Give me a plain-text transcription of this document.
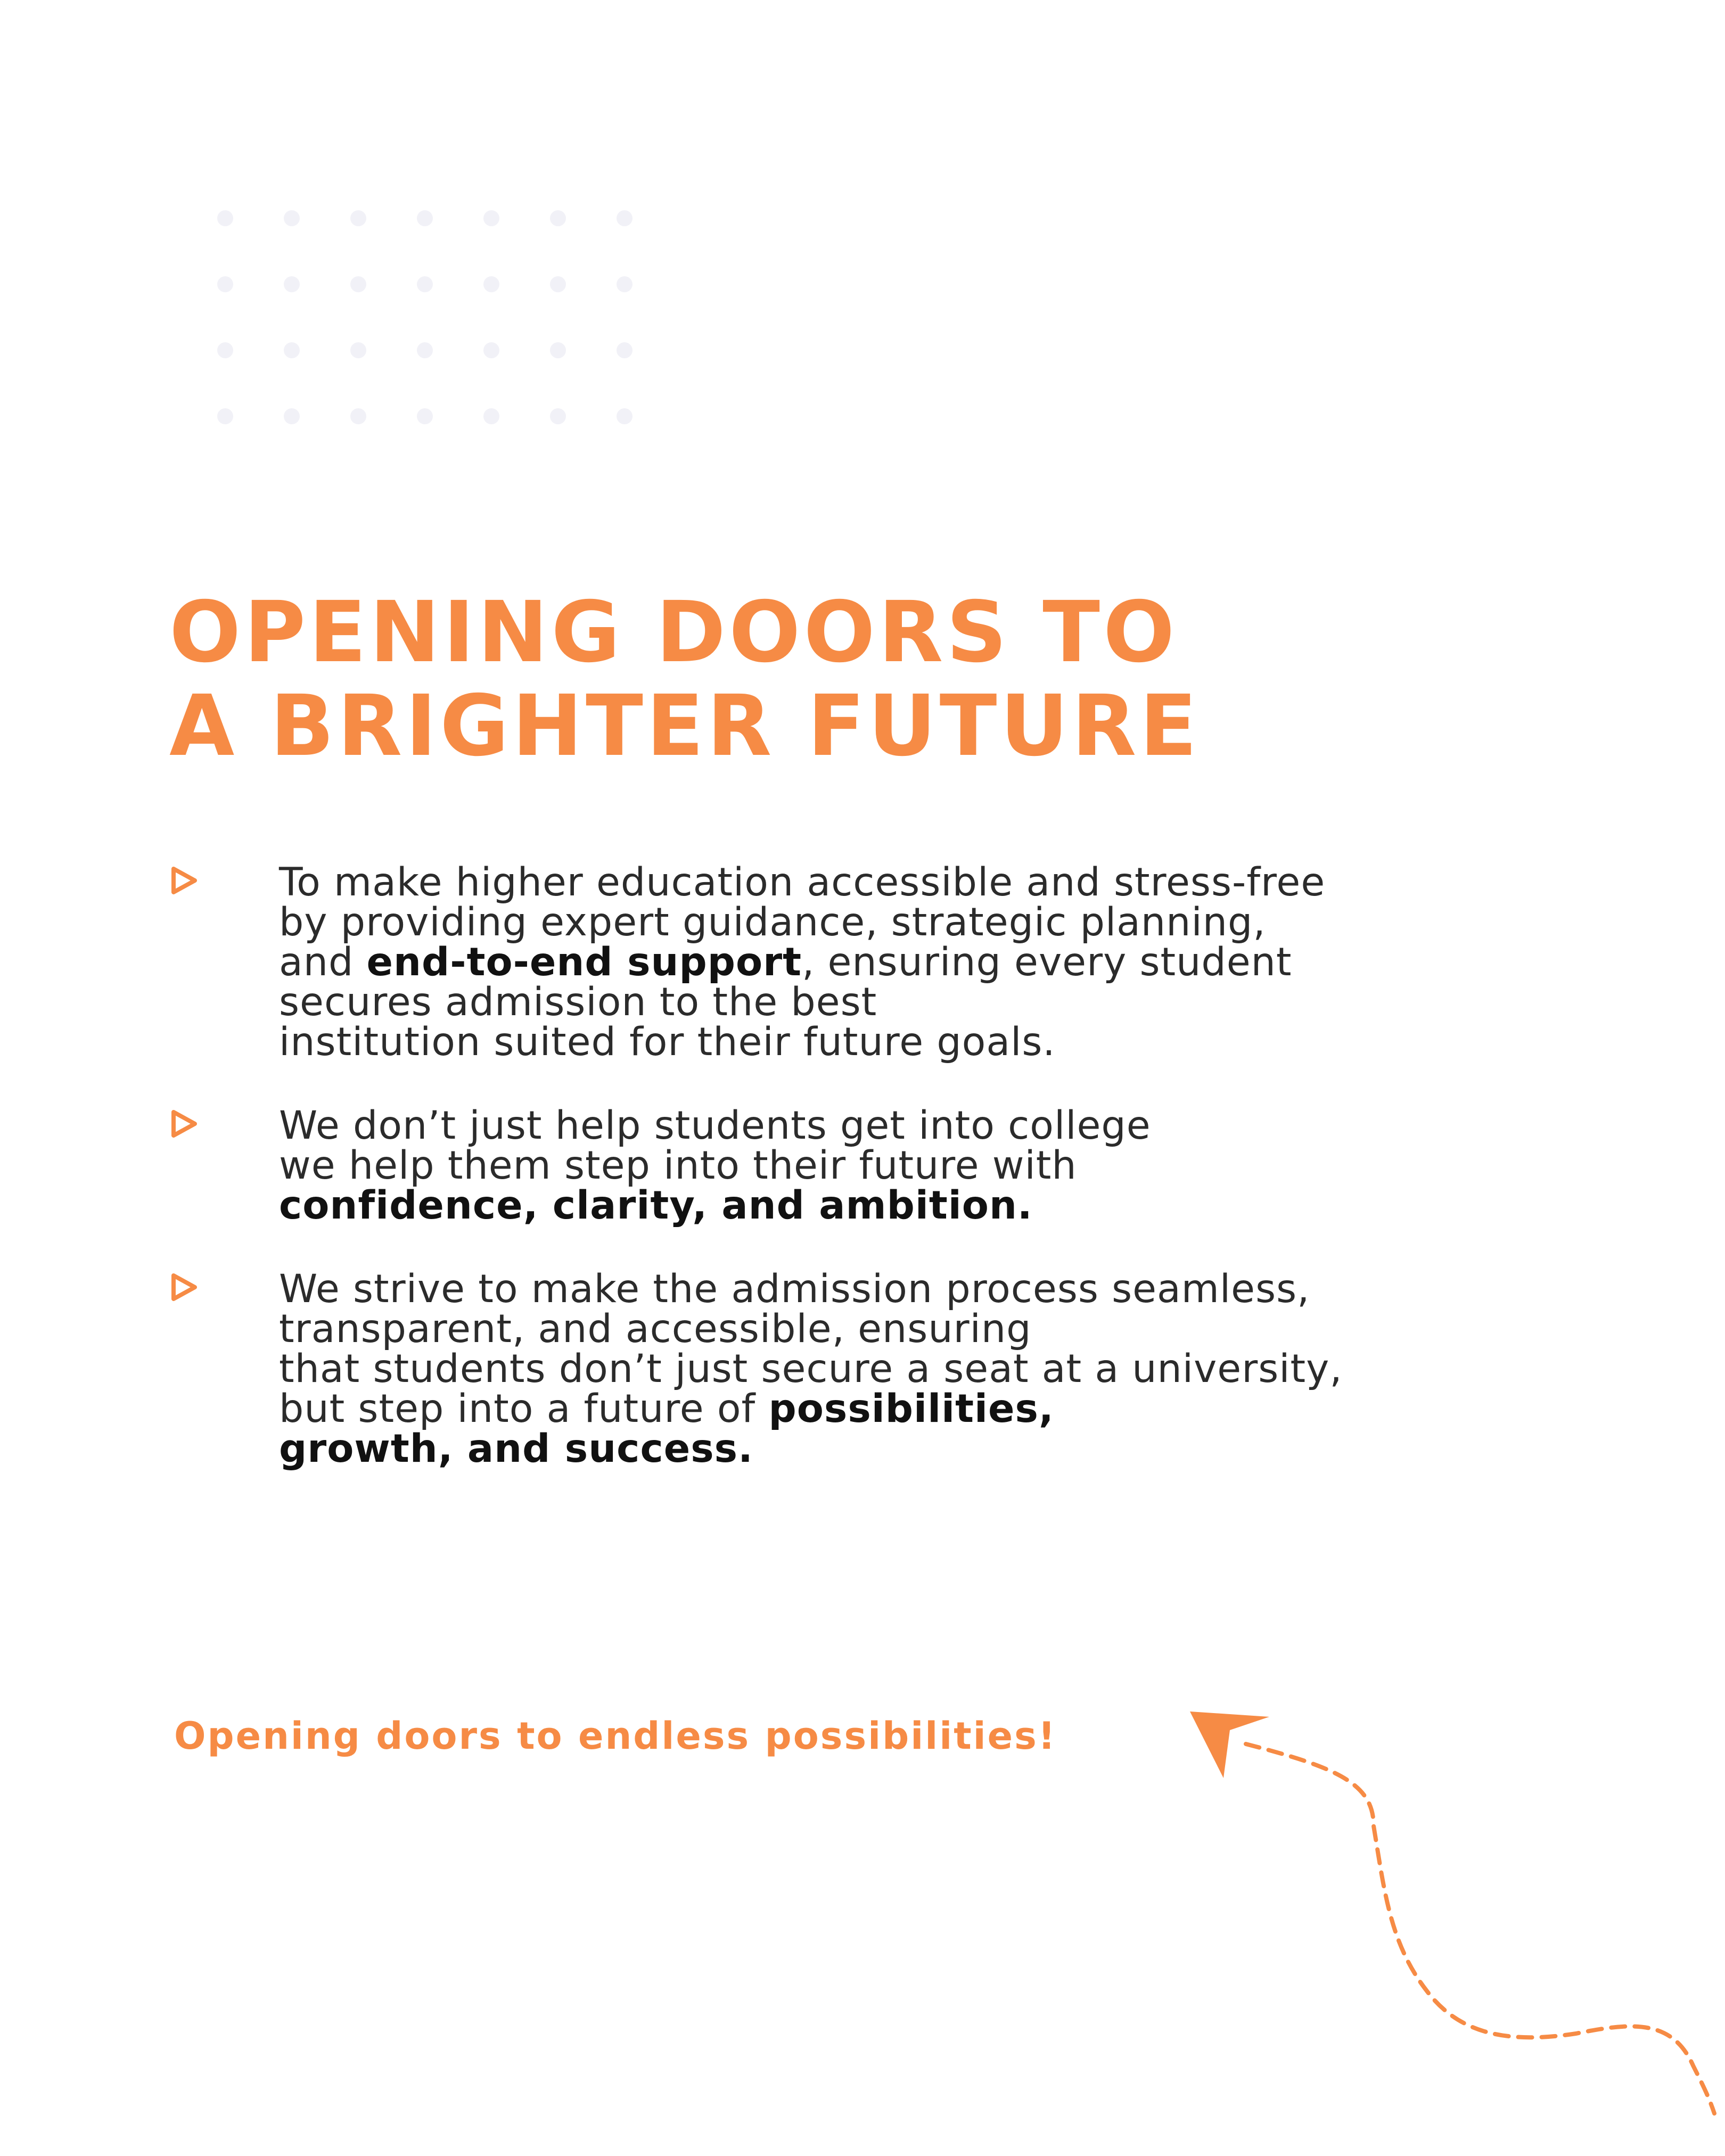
OPENING DOORS TO
A BRIGHTER FUTURE
To make higher education accessible and stress-free
by providing expert guidance, strategic planning,
and end-to-end support, ensuring every student
secures admission to the best
institution suited for their future goals.
We don’t just help students get into college
we help them step into their future with
confidence, clarity, and ambition.
We strive to make the admission process seamless,
transparent, and accessible, ensuring
that students don’t just secure a seat at a university,
but step into a future of possibilities,
growth, and success.

Opening doors to endless possibilities!
